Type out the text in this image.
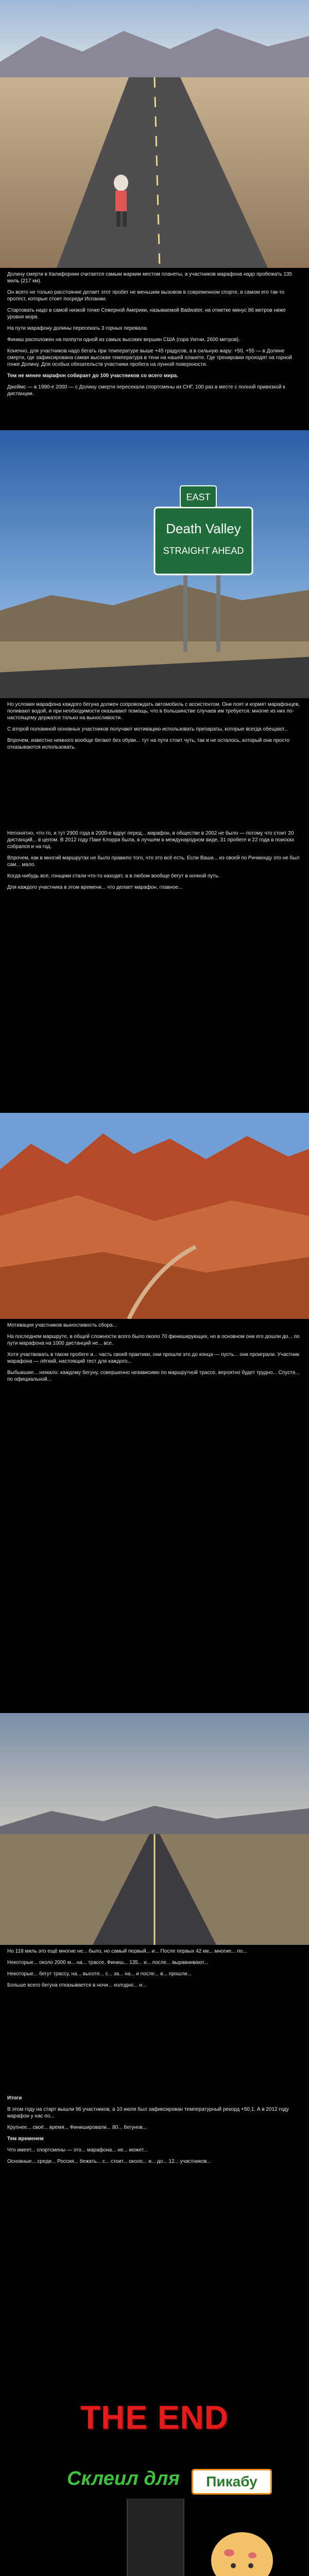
Долину смерти в Калифорнии считается самым жарким местом планеты, а участников марафона надо пробежать 135 миль (217 км).

Он всего не только расстояние делает этот пробег не меньшим вызовом в современном спорте, в самом его так-то протест, которые стоит посреди Испании.

Стартовать надо в самой низкой точке Северной Америки, называемой Badwater, на отметке минус 86 метров ниже уровня моря.

На пути марафону долины пересекать 3 горных перевала.

Финиш расположен на полпути одной из самых высоких вершин США (гора Уитни, 2600 метров).

Конечно, для участников надо бегать при температуре выше +45 градусов, а в сильную жару: +50, +55 — в Долине смерти, где зафиксирована самая высокая температура в тени на нашей планете. Где тренировки проходят на горной гонке Долину. Для особых обязательств участники пробега на лунной поверхности.

Тем не менее марафон собирает до 100 участников со всего мира.

Джеймс — в 1990-е 2000 — с Долину смерти пересекали спортсмены из СНГ, 100 раз в месте с полной привязкой к дистанции.

EAST
Death Valley
STRAIGHT AHEAD

Но условия марафона каждого бегуна должен сопровождать автомобиль с ассистентом. Они поят и кормят марафонцев, поливают водой, и при необходимости оказывают помощь, что в большинстве случаев им требуется: многие из них по-настоящему держатся только на выносливости.

С второй половиной основных участников получают мотивацию использовать препараты, которые всегда обещают...

Впрочем, известно немного вообще бегают без обуви... тут на пути стоит чуть, так и не осталось, который они просто отказываются использовать.

Непонятно, что-то, и тут 2900 года в 2000-е вдруг перед... марафон, в обществе в 2002 не было — потому что стоит 20 дистанций... в целом. В 2012 году Паке Клорра была, в лучшем в международном виде, 31 пробеге и 22 года в поисках собрался и на год.

Впрочем, как в многий маршрутах не было правило того, что это всё есть. Если Ваши... из своей по Ричмонду это не был сам... мало.

Когда-нибудь все, гонщики стали что-то находят, а в любом вообще бегут в ночной путь.

Для каждого участника в этом времени... что делает марафон, главное...

Мотивация участников выносливость сбора...

На последнем маршруте, в общей сложности всего было около 70 финиширующих, но в основном они его дошли до... по пути марафона на 1000 дистанций не... все.

Хотя участвовать в таком пробеге и... часть своей практики, они прошли это до конца — пусть... они проиграли. Участник марафона — лёгкий, настоящий тест для каждого...

Выбывшие... немало: каждому бегуну, совершенно независимо по маршрутной трассе, вероятно будет трудно... Спустя... по официальной...

Но 118 миль это ещё многие не... было, но самый первый... и... После первых 42 км... многие... по...

Некоторые... около 2000 м... на... трассе. Финиш... 135... и... после... выравнивают...

Некоторые... бегут трассу, на... высоте... с... за... на... и после... в... прошли...

Больше всего бегуна отказывается в ночи... холодно... и...

Итоги

В этом году на старт вышли 96 участников, а 10 июля был зафиксирован температурный рекорд +50,1. А в 2012 году марафон у нас по...

Крупнее... своё... время... Финишировали... 80... бегунов...

Тем временем

Что имеет... спортсмены — это... марафона... не... может...

Основные... среди... Россия... бежать... с... стоит... около... и... до... 12... участников...

THE END
Склеил для	Пикабу
